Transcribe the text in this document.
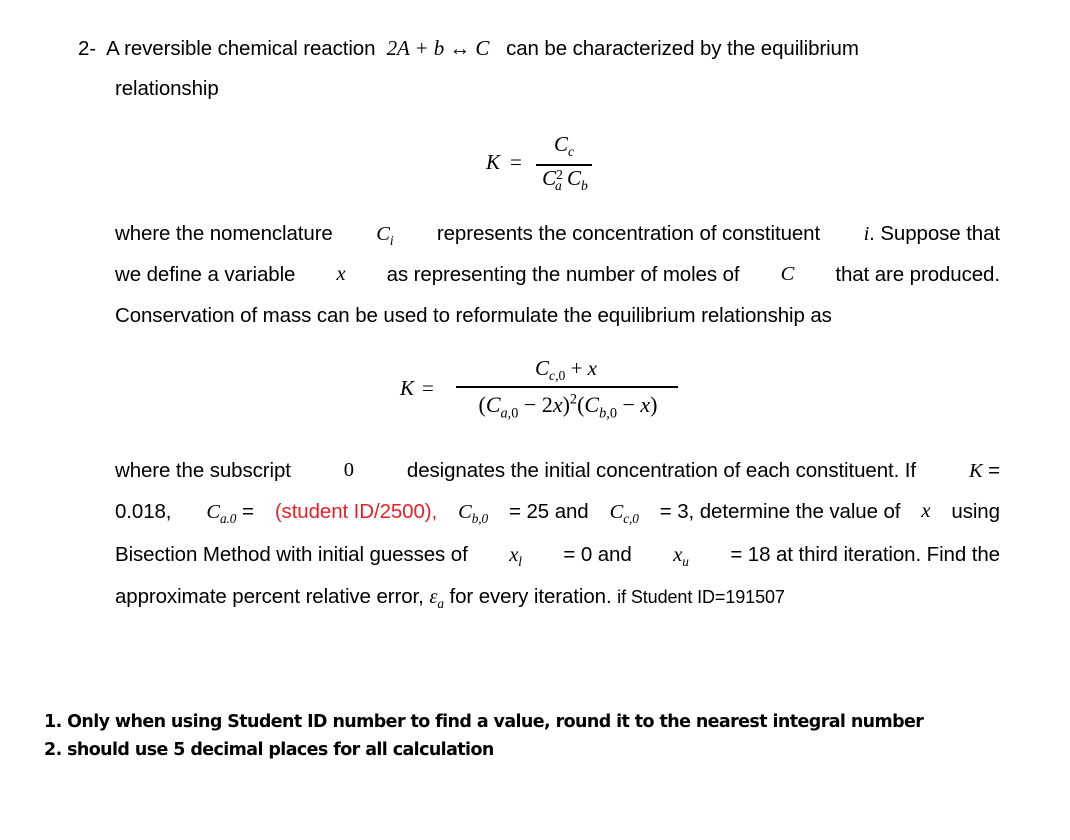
2- A reversible chemical reaction 2A + b ↔ C can be characterized by the equilibrium
relationship
K =
$C_c$
$C^2_a$ $C_b$
where the nomenclature $C_i$ represents the concentration of constituent i. Suppose that
we define a variable x as representing the number of moles of C that are produced.
Conservation of mass can be used to reformulate the equilibrium relationship as
K =
$C_{c,0} + x$
$(C_{a,0} - 2x)^2(C_{b,0} - x)$
where the subscript	0	designates the initial concentration of each constituent. If	K =
0.018, $C_{a.0}$ = (student ID/2500), $C_{b,0} = 25$ and $C_{c,0} = 3$, determine the value of x using
Bisection Method with initial guesses of $x_l = 0$ and $x_u = 18$ at third iteration. Find the
approximate percent relative error, $\varepsilon_a$ for every iteration. if Student ID=191507
1. Only when using Student ID number to find a value, round it to the nearest integral number
2. should use 5 decimal places for all calculation
